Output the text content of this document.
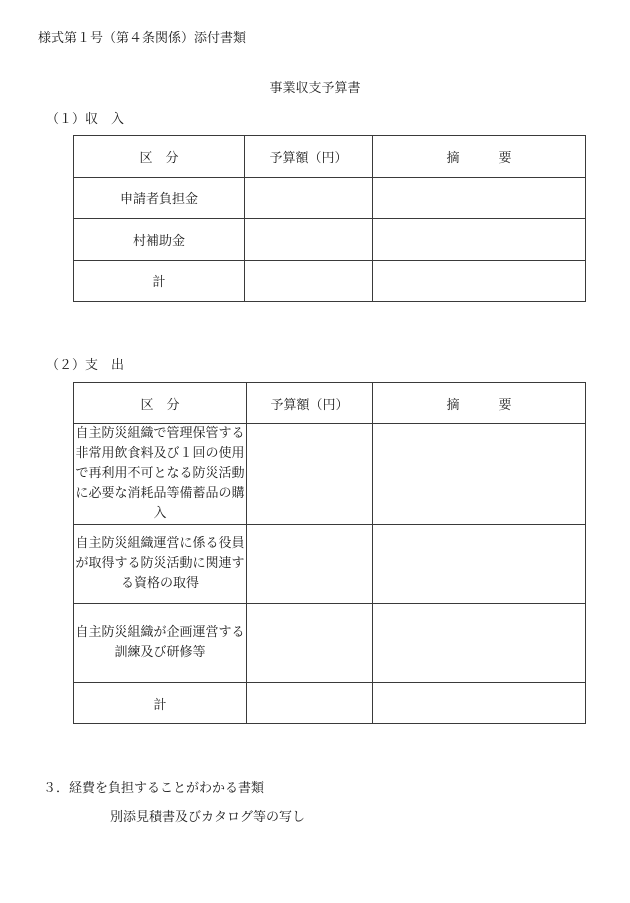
様式第１号（第４条関係）添付書類
事業収支予算書
（１）収　入
区　分	予算額（円）	摘　　　要
申請者負担金		
村補助金		
計		
（２）支　出
区　分	予算額（円）	摘　　　要
自主防災組織で管理保管する非常用飲食料及び１回の使用で再利用不可となる防災活動に必要な消耗品等備蓄品の購入		
自主防災組織運営に係る役員が取得する防災活動に関連する資格の取得		
自主防災組織が企画運営する訓練及び研修等		
計		
３．経費を負担することがわかる書類
別添見積書及びカタログ等の写し
